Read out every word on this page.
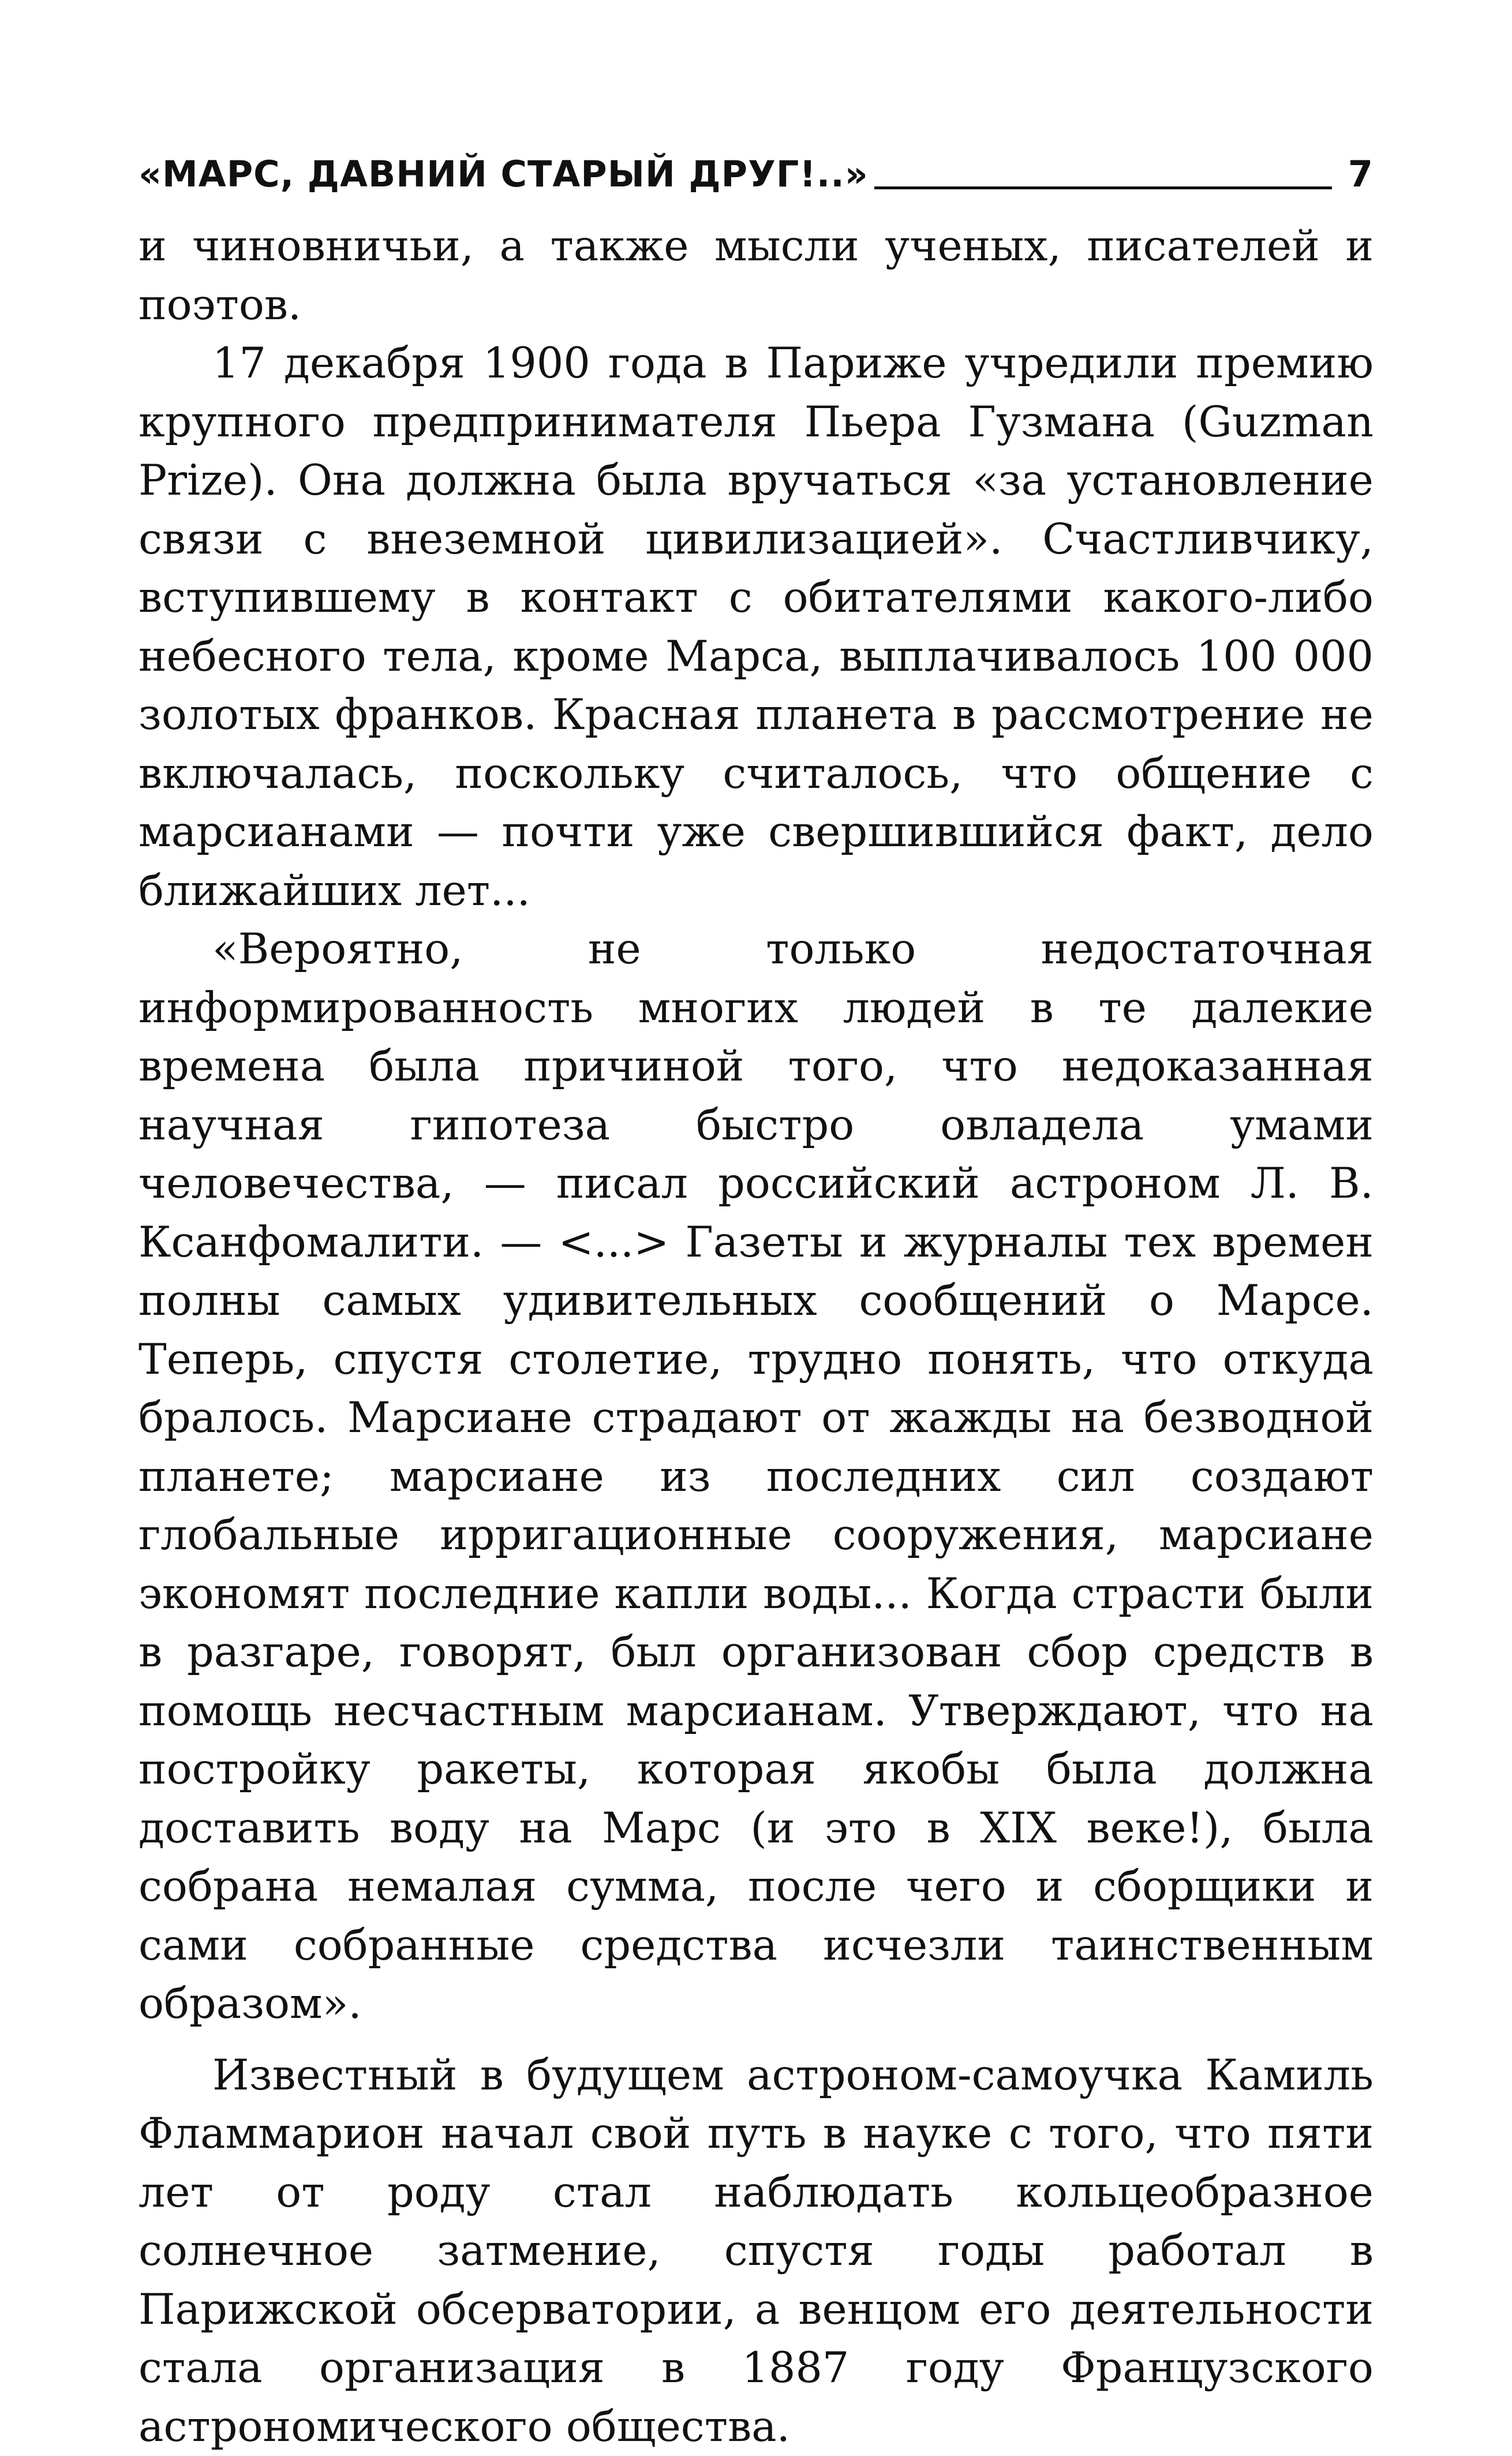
«МАРС, ДАВНИЙ СТАРЫЙ ДРУГ!..»	7

и чиновничьи, а также мысли ученых, писателей и поэтов.

17 декабря 1900 года в Париже учредили премию крупного предпринимателя Пьера Гузмана (Guzman Prize). Она должна была вручаться «за установление связи с внеземной цивилизацией». Счастливчику, вступившему в контакт с обитателями какого-либо небесного тела, кроме Марса, выплачивалось 100 000 золотых франков. Красная планета в рассмотрение не включалась, поскольку считалось, что общение с марсианами — почти уже свершившийся факт, дело ближайших лет...

«Вероятно, не только недостаточная информированность многих людей в те далекие времена была причиной того, что недоказанная научная гипотеза быстро овладела умами человечества, — писал российский астроном Л. В. Ксанфомалити. — <...> Газеты и журналы тех времен полны самых удивительных сообщений о Марсе. Теперь, спустя столетие, трудно понять, что откуда бралось. Марсиане страдают от жажды на безводной планете; марсиане из последних сил создают глобальные ирригационные сооружения, марсиане экономят последние капли воды... Когда страсти были в разгаре, говорят, был организован сбор средств в помощь несчастным марсианам. Утверждают, что на постройку ракеты, которая якобы была должна доставить воду на Марс (и это в XIX веке!), была собрана немалая сумма, после чего и сборщики и сами собранные средства исчезли таинственным образом».

Известный в будущем астроном-самоучка Камиль Фламмарион начал свой путь в науке с того, что пяти лет от роду стал наблюдать кольцеобразное солнечное затмение, спустя годы работал в Парижской обсерватории, а венцом его деятельности стала организация в 1887 году Французского астрономического общества.
